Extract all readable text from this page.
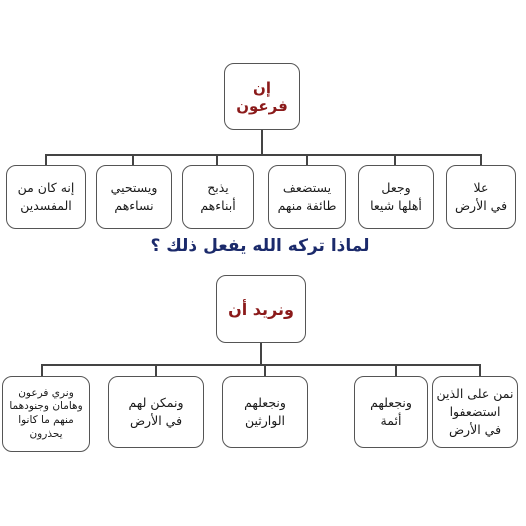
إن فرعون
علا
في الأرض
وجعل
أهلها شيعا
يستضعف
طائفة منهم
يذبح
أبناءهم
ويستحيي
نساءهم
إنه كان من
المفسدين
لماذا تركه الله يفعل ذلك ؟
ونريد أن
نمن على الذين
استضعفوا
في الأرض
ونجعلهم
أئمة
ونجعلهم
الوارثين
ونمكن لهم
في الأرض
ونري فرعون
وهامان وجنودهما
منهم ما كانوا
يحذرون
